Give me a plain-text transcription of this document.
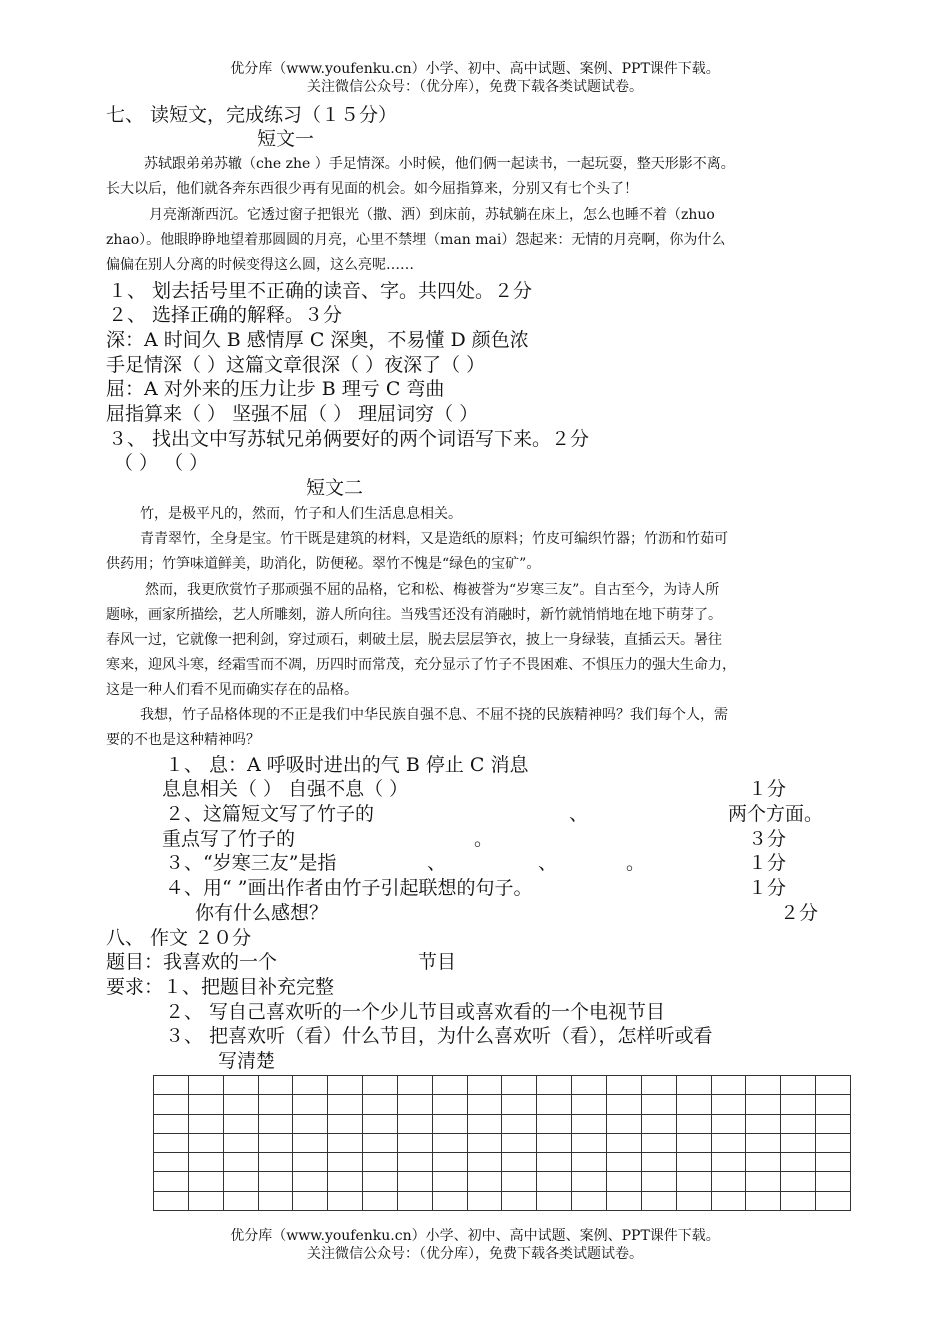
优分库（www.youfenku.cn）小学、初中、高中试题、案例、PPT课件下载。
关注微信公众号：（优分库），免费下载各类试题试卷。
七、 读短文，完成练习（１５分）
短文一
苏轼跟弟弟苏辙（che zhe ）手足情深。小时候，他们俩一起读书，一起玩耍，整天形影不离。
长大以后，他们就各奔东西很少再有见面的机会。如今屈指算来，分别又有七个头了！
月亮渐渐西沉。它透过窗子把银光（撒、洒）到床前，苏轼躺在床上，怎么也睡不着（zhuo
zhao）。他眼睁睁地望着那圆圆的月亮，心里不禁埋（man mai）怨起来：无情的月亮啊，你为什么
偏偏在别人分离的时候变得这么圆，这么亮呢……
１、 划去括号里不正确的读音、字。共四处。２分
２、 选择正确的解释。３分
深：A 时间久 B 感情厚 C 深奥，不易懂 D 颜色浓
手足情深（ ）这篇文章很深（ ）夜深了（ ）
屈：A 对外来的压力让步 B 理亏 C 弯曲
屈指算来（ ） 坚强不屈（ ） 理屈词穷（ ）
３、 找出文中写苏轼兄弟俩要好的两个词语写下来。２分
（ ） （ ）
短文二
竹，是极平凡的，然而，竹子和人们生活息息相关。
青青翠竹，全身是宝。竹干既是建筑的材料，又是造纸的原料；竹皮可编织竹器；竹沥和竹茹可
供药用；竹笋味道鲜美，助消化，防便秘。翠竹不愧是“绿色的宝矿”。
然而，我更欣赏竹子那顽强不屈的品格，它和松、梅被誉为“岁寒三友”。自古至今，为诗人所
题咏，画家所描绘，艺人所雕刻，游人所向往。当残雪还没有消融时，新竹就悄悄地在地下萌芽了。
春风一过，它就像一把利剑，穿过顽石，刺破土层，脱去层层笋衣，披上一身绿装，直插云天。暑往
寒来，迎风斗寒，经霜雪而不凋，历四时而常茂，充分显示了竹子不畏困难、不惧压力的强大生命力，
这是一种人们看不见而确实存在的品格。
我想，竹子品格体现的不正是我们中华民族自强不息、不屈不挠的民族精神吗？我们每个人，需
要的不也是这种精神吗？
１、 息：A 呼吸时进出的气 B 停止 C 消息
息息相关（ ） 自强不息（ ）	１分
２、这篇短文写了竹子的	、	两个方面。
重点写了竹子的	。	３分
３、“岁寒三友”是指	、	、	。	１分
４、用“ ”画出作者由竹子引起联想的句子。	１分
你有什么感想？	２分
八、 作文 ２０分
题目：我喜欢的一个	节目
要求：１、把题目补充完整
２、 写自己喜欢听的一个少儿节目或喜欢看的一个电视节目
３、 把喜欢听（看）什么节目，为什么喜欢听（看），怎样听或看
写清楚

优分库（www.youfenku.cn）小学、初中、高中试题、案例、PPT课件下载。
关注微信公众号：（优分库），免费下载各类试题试卷。
